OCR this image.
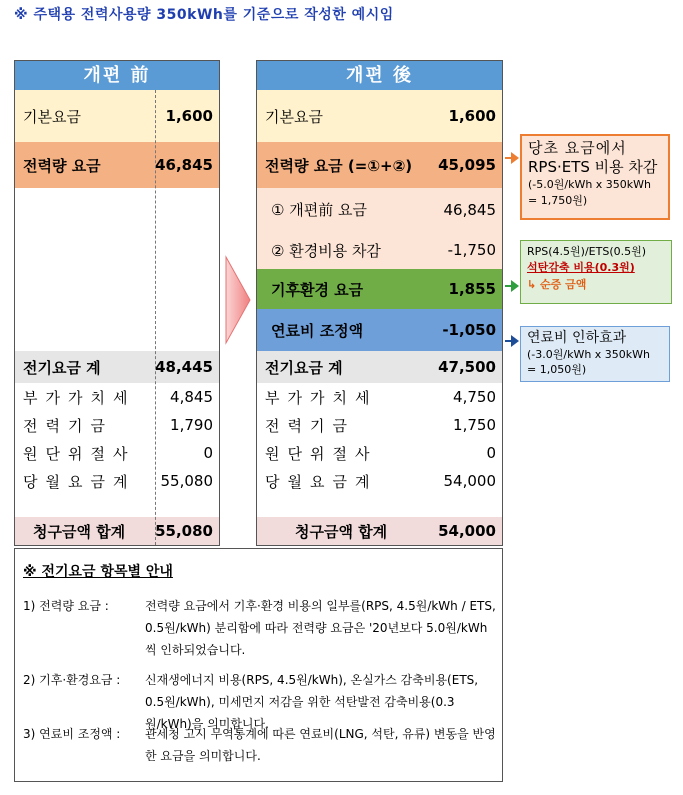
※ 주택용 전력사용량 350kWh를 기준으로 작성한 예시임
개편 前
기본요금	1,600
전력량 요금	46,845
전기요금 계	48,445
부가가치세 4,845
전력기금	1,790
원단위절사	0
당월요금계 55,080
청구금액 합계 55,080
개편 後
기본요금	1,600
전력량 요금 (=①+②) 45,095
① 개편前 요금	46,845
② 환경비용 차감	-1,750
기후환경 요금	1,855
연료비 조정액	-1,050
전기요금 계	47,500
부가가치세	4,750
전력기금	1,750
원단위절사	0
당월요금계	54,000
청구금액 합계	54,000
당초 요금에서
RPS·ETS 비용 차감
(-5.0원/kWh x 350kWh
= 1,750원)
RPS(4.5원)/ETS(0.5원)
석탄감축 비용(0.3원)
↳ 순증 금액
연료비 인하효과
(-3.0원/kWh x 350kWh
= 1,050원)
※ 전기요금 항목별 안내
1) 전력량 요금 :	전력량 요금에서 기후·환경 비용의 일부를(RPS, 4.5원/kWh / ETS, 0.5원/kWh) 분리함에 따라 전력량 요금은 '20년보다 5.0원/kWh씩 인하되었습니다.
2) 기후·환경요금 : 신재생에너지 비용(RPS, 4.5원/kWh), 온실가스 감축비용(ETS, 0.5원/kWh), 미세먼지 저감을 위한 석탄발전 감축비용(0.3원/kWh)을 의미합니다.
3) 연료비 조정액 : 관세청 고시 무역통계에 따른 연료비(LNG, 석탄, 유류) 변동을 반영한 요금을 의미합니다.
